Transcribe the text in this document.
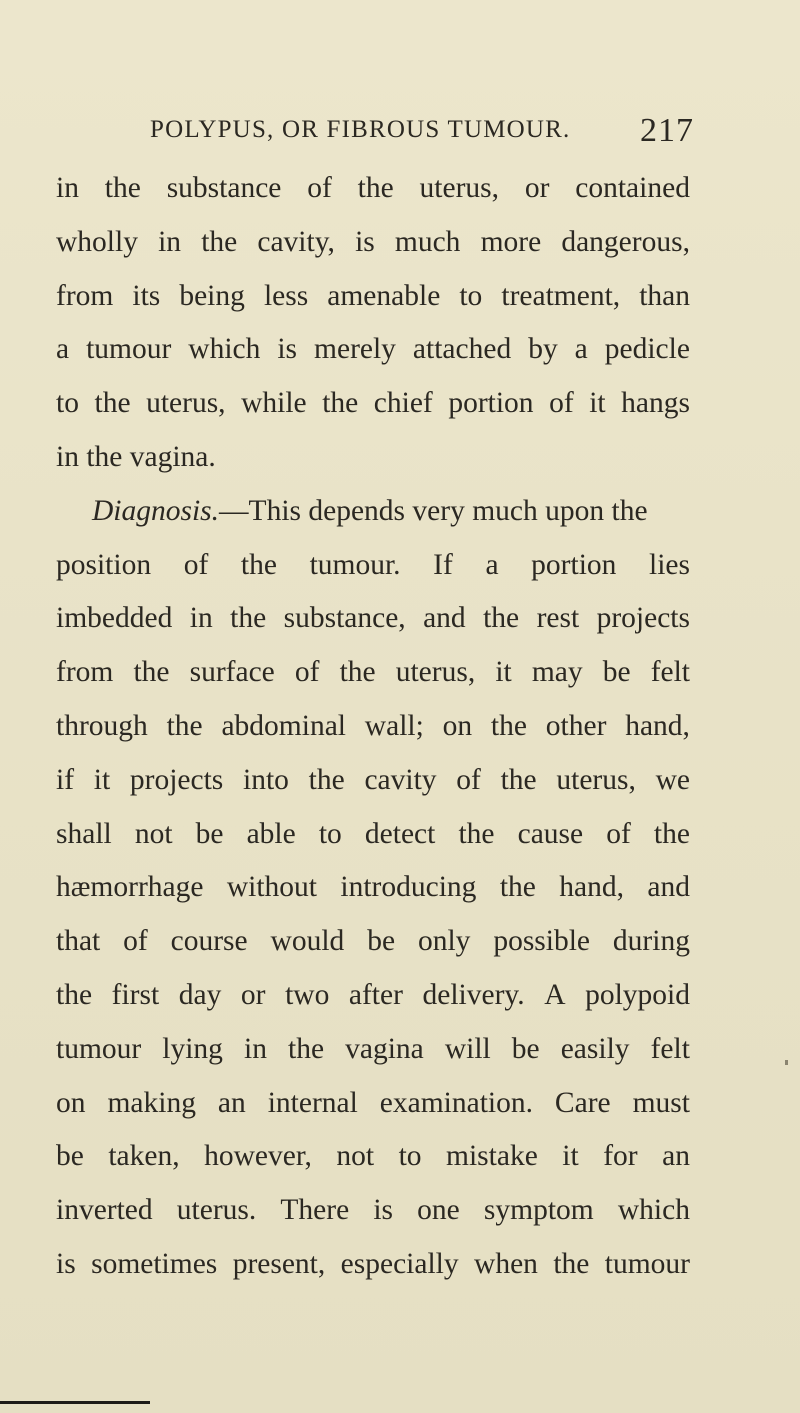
POLYPUS, OR FIBROUS TUMOUR. 217
in the substance of the uterus, or contained
wholly in the cavity, is much more dangerous,
from its being less amenable to treatment, than
a tumour which is merely attached by a pedicle
to the uterus, while the chief portion of it hangs
in the vagina.
Diagnosis.—This depends very much upon the
position of the tumour. If a portion lies
imbedded in the substance, and the rest projects
from the surface of the uterus, it may be felt
through the abdominal wall; on the other hand,
if it projects into the cavity of the uterus, we
shall not be able to detect the cause of the
hæmorrhage without introducing the hand, and
that of course would be only possible during
the first day or two after delivery. A polypoid
tumour lying in the vagina will be easily felt
on making an internal examination. Care must
be taken, however, not to mistake it for an
inverted uterus. There is one symptom which
is sometimes present, especially when the tumour
